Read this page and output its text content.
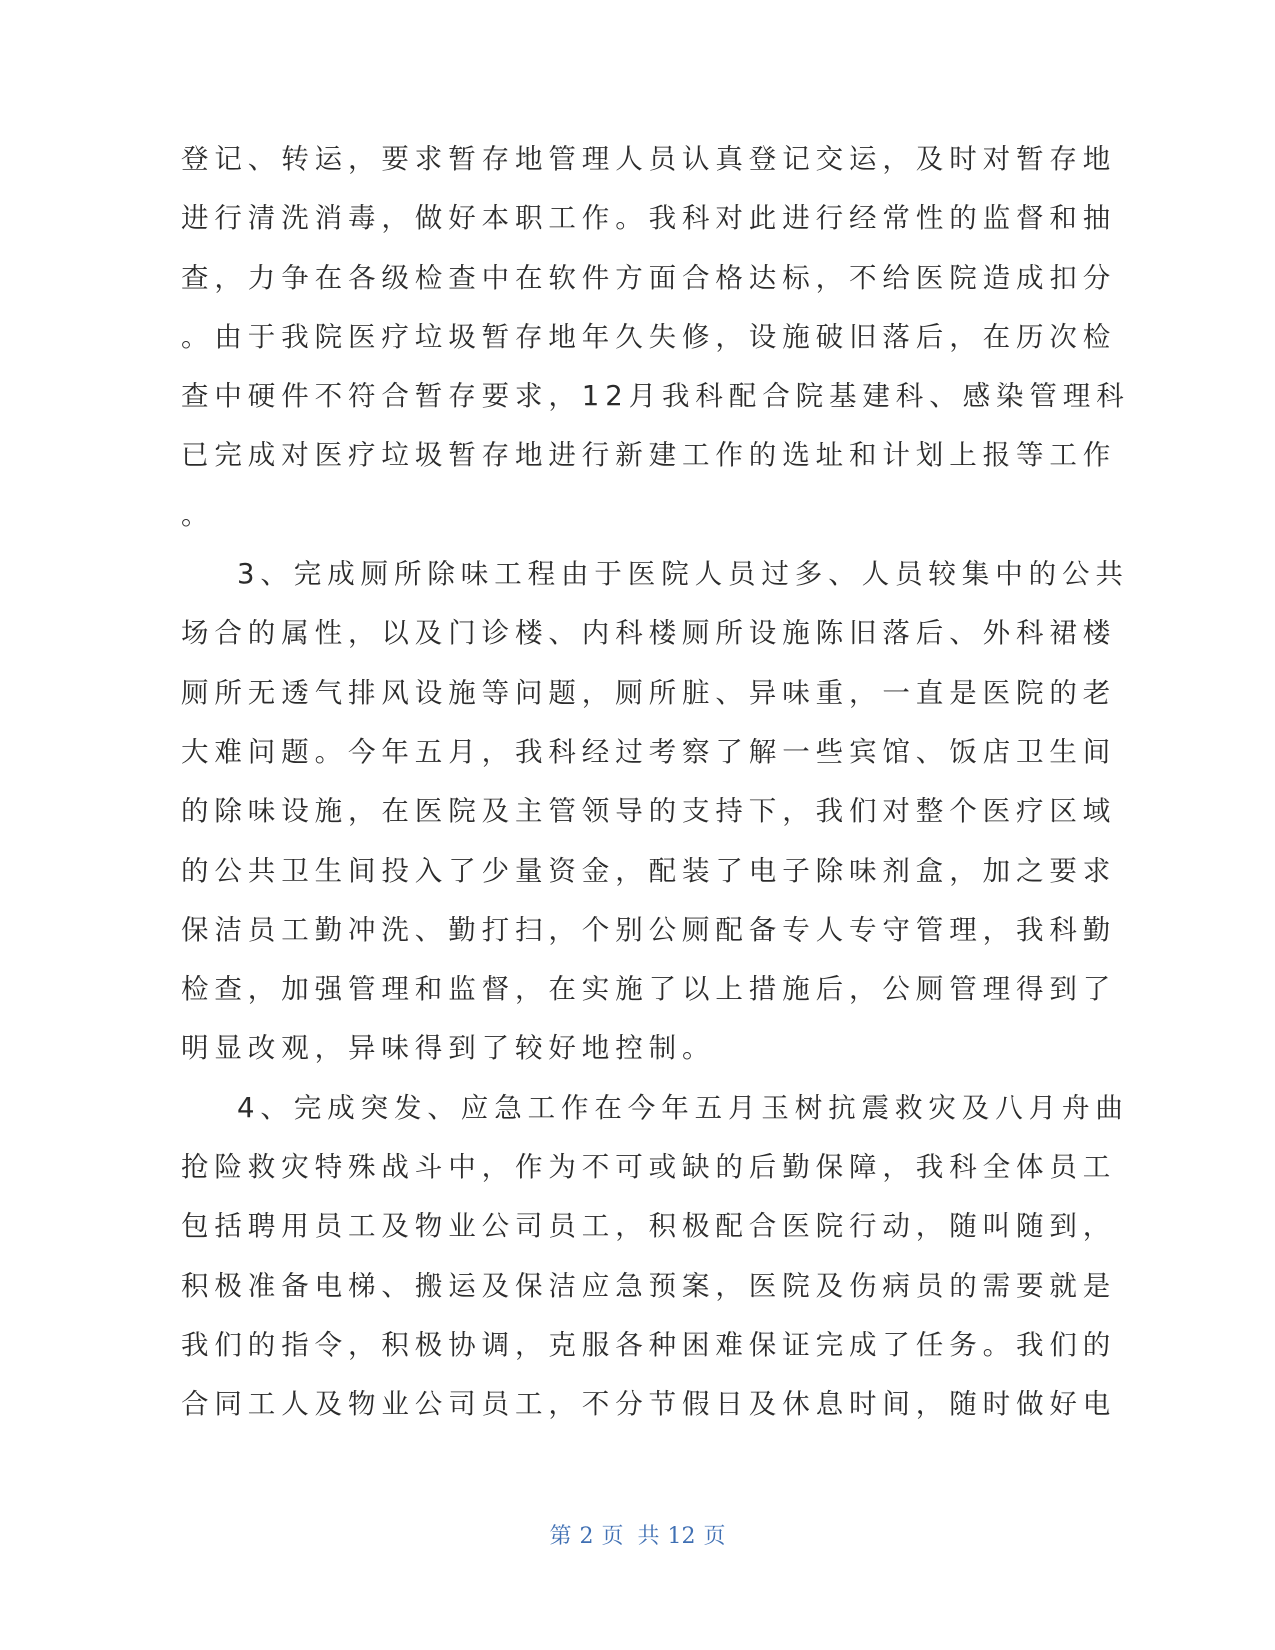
登记、转运，要求暂存地管理人员认真登记交运，及时对暂存地
进行清洗消毒，做好本职工作。我科对此进行经常性的监督和抽
查，力争在各级检查中在软件方面合格达标，不给医院造成扣分
。由于我院医疗垃圾暂存地年久失修，设施破旧落后，在历次检
查中硬件不符合暂存要求，12月我科配合院基建科、感染管理科
已完成对医疗垃圾暂存地进行新建工作的选址和计划上报等工作
。
3、完成厕所除味工程由于医院人员过多、人员较集中的公共
场合的属性，以及门诊楼、内科楼厕所设施陈旧落后、外科裙楼
厕所无透气排风设施等问题，厕所脏、异味重，一直是医院的老
大难问题。今年五月，我科经过考察了解一些宾馆、饭店卫生间
的除味设施，在医院及主管领导的支持下，我们对整个医疗区域
的公共卫生间投入了少量资金，配装了电子除味剂盒，加之要求
保洁员工勤冲洗、勤打扫，个别公厕配备专人专守管理，我科勤
检查，加强管理和监督，在实施了以上措施后，公厕管理得到了
明显改观，异味得到了较好地控制。
4、完成突发、应急工作在今年五月玉树抗震救灾及八月舟曲
抢险救灾特殊战斗中，作为不可或缺的后勤保障，我科全体员工
包括聘用员工及物业公司员工，积极配合医院行动，随叫随到，
积极准备电梯、搬运及保洁应急预案，医院及伤病员的需要就是
我们的指令，积极协调，克服各种困难保证完成了任务。我们的
合同工人及物业公司员工，不分节假日及休息时间，随时做好电
第 2 页 共 12 页
